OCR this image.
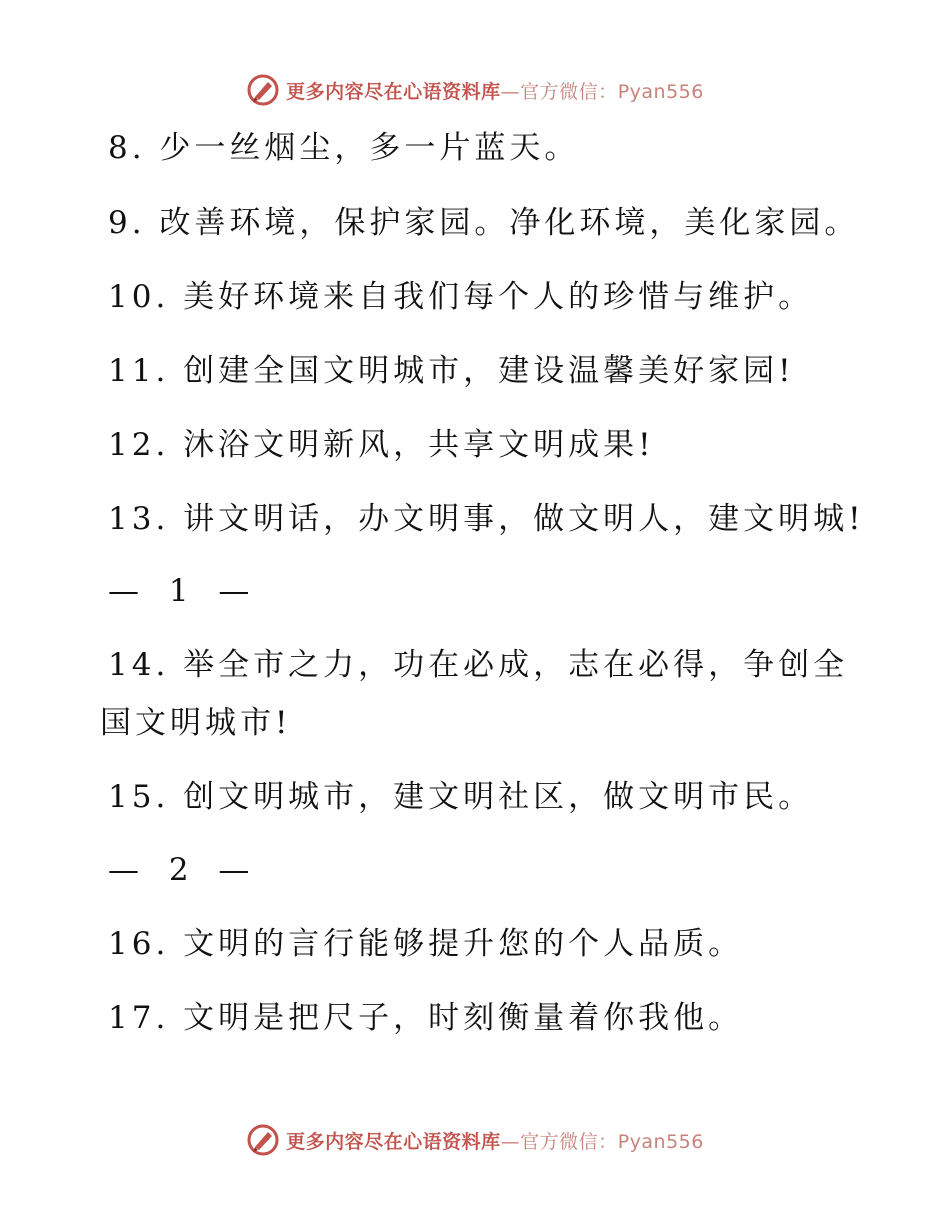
更多内容尽在心语资料库—官方微信：Pyan556
8. 少一丝烟尘，多一片蓝天。
9. 改善环境，保护家园。净化环境，美化家园。
10. 美好环境来自我们每个人的珍惜与维护。
11. 创建全国文明城市，建设温馨美好家园!
12. 沐浴文明新风，共享文明成果!
13. 讲文明话，办文明事，做文明人，建文明城!
— 1 —
14. 举全市之力，功在必成，志在必得，争创全
国文明城市!
15. 创文明城市，建文明社区，做文明市民。
— 2 —
16. 文明的言行能够提升您的个人品质。
17. 文明是把尺子，时刻衡量着你我他。
更多内容尽在心语资料库—官方微信：Pyan556
